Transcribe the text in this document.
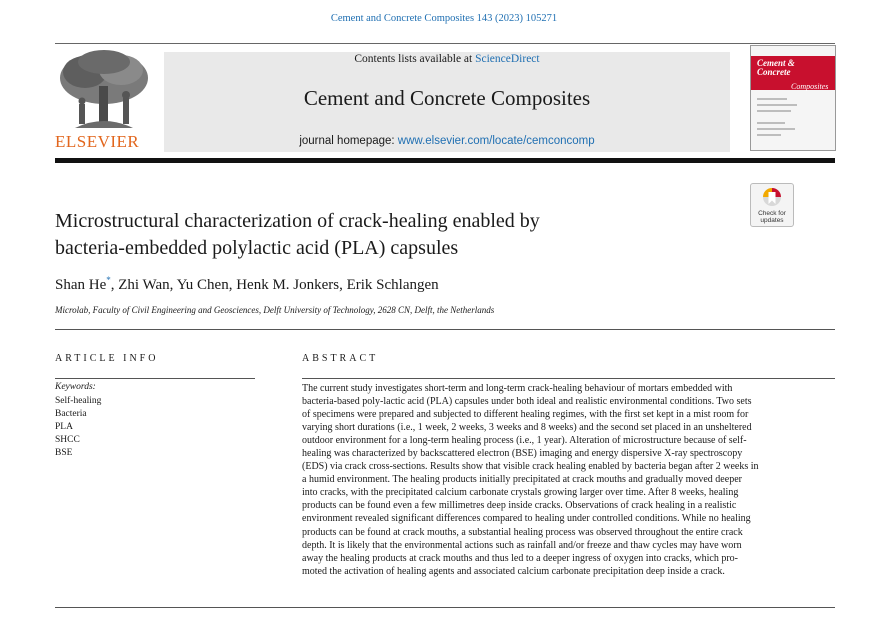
Cement and Concrete Composites 143 (2023) 105271
ELSEVIER
Contents lists available at ScienceDirect
Cement and Concrete Composites
journal homepage: www.elsevier.com/locate/cemconcomp
Cement &
Concrete
Composites
Check for
updates
Microstructural characterization of crack-healing enabled by
bacteria-embedded polylactic acid (PLA) capsules
Shan He*, Zhi Wan, Yu Chen, Henk M. Jonkers, Erik Schlangen
Microlab, Faculty of Civil Engineering and Geosciences, Delft University of Technology, 2628 CN, Delft, the Netherlands
ARTICLE INFO
Keywords:
Self-healing
Bacteria
PLA
SHCC
BSE
ABSTRACT
The current study investigates short-term and long-term crack-healing behaviour of mortars embedded with
bacteria-based poly-lactic acid (PLA) capsules under both ideal and realistic environmental conditions. Two sets
of specimens were prepared and subjected to different healing regimes, with the first set kept in a mist room for
varying short durations (i.e., 1 week, 2 weeks, 3 weeks and 8 weeks) and the second set placed in an unsheltered
outdoor environment for a long-term healing process (i.e., 1 year). Alteration of microstructure because of self-
healing was characterized by backscattered electron (BSE) imaging and energy dispersive X-ray spectroscopy
(EDS) via crack cross-sections. Results show that visible crack healing enabled by bacteria began after 2 weeks in
a humid environment. The healing products initially precipitated at crack mouths and gradually moved deeper
into cracks, with the precipitated calcium carbonate crystals growing larger over time. After 8 weeks, healing
products can be found even a few millimetres deep inside cracks. Observations of crack healing in a realistic
environment revealed significant differences compared to healing under controlled conditions. While no healing
products can be found at crack mouths, a substantial healing process was observed throughout the entire crack
depth. It is likely that the environmental actions such as rainfall and/or freeze and thaw cycles may have worn
away the healing products at crack mouths and thus led to a deeper ingress of oxygen into cracks, which pro-
moted the activation of healing agents and associated calcium carbonate precipitation deep inside a crack.
